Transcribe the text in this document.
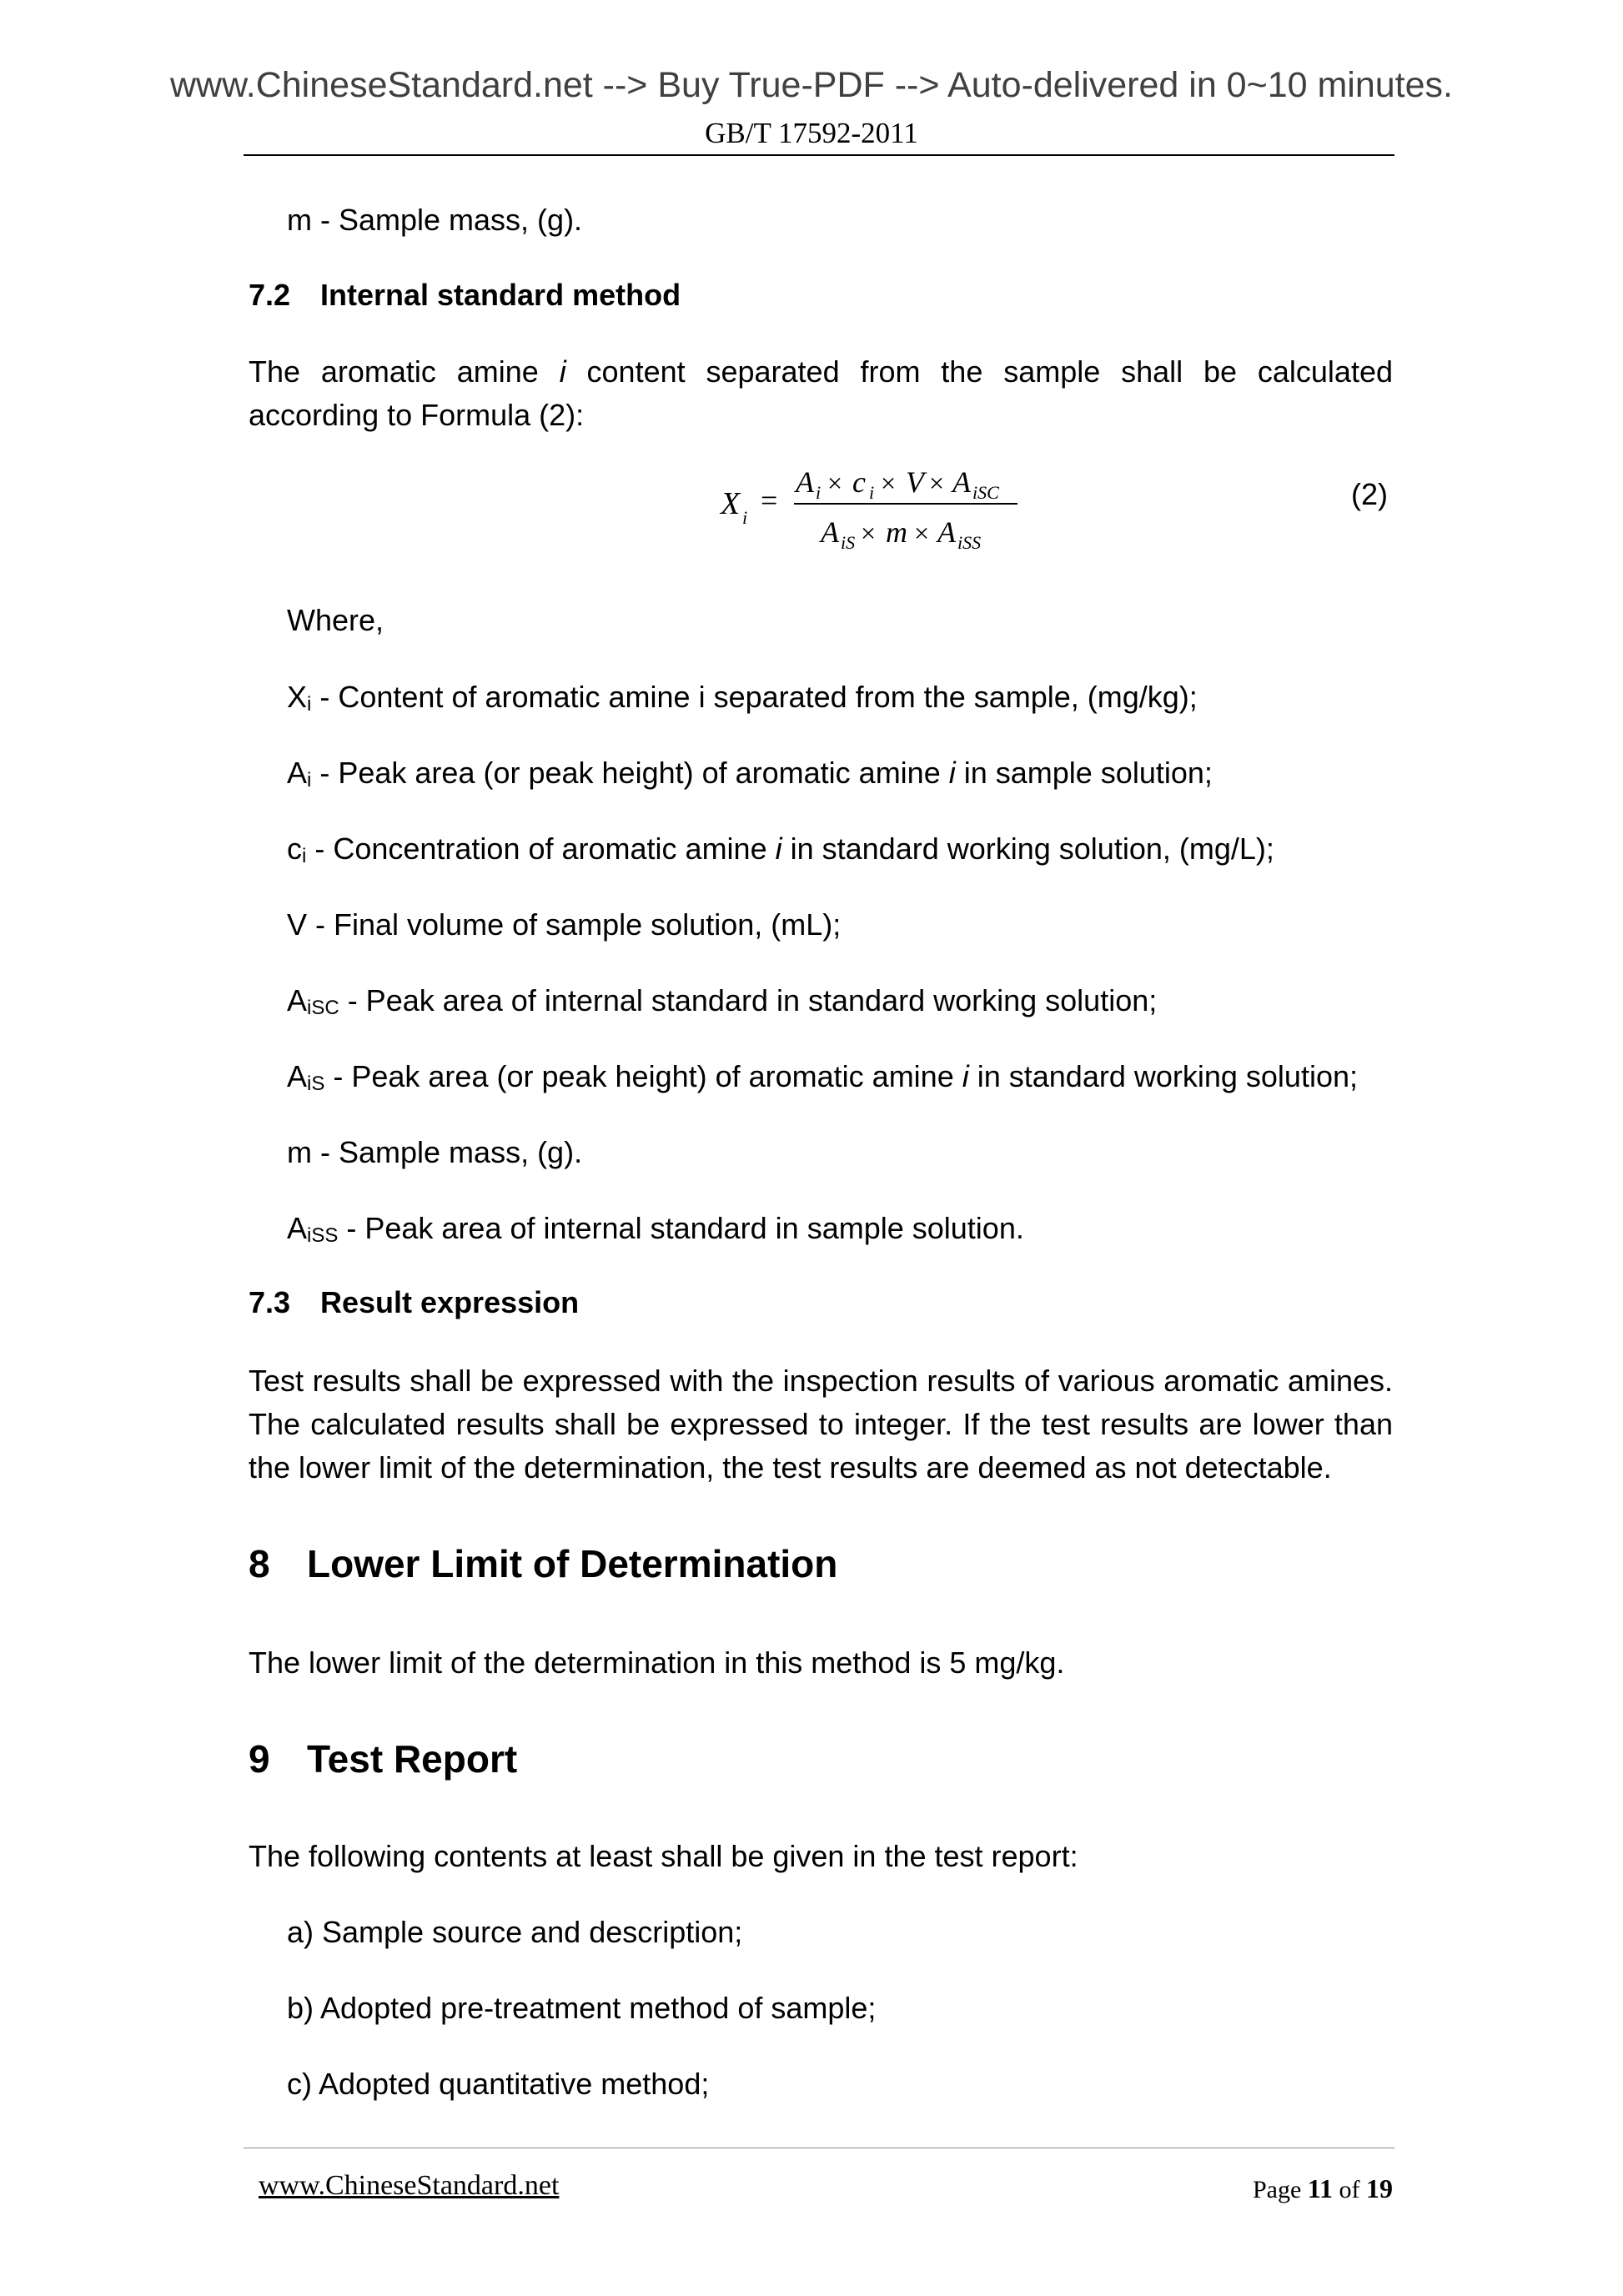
www.ChineseStandard.net --> Buy True-PDF --> Auto-delivered in 0~10 minutes.
GB/T 17592-2011
m - Sample mass, (g).
7.2 Internal standard method
The aromatic amine i content separated from the sample shall be calculated
according to Formula (2):
X i
=
A i × c i × V × A iSC
A iS × m × A iSS
(2)
Where,
Xi - Content of aromatic amine i separated from the sample, (mg/kg);
Ai - Peak area (or peak height) of aromatic amine i in sample solution;
ci - Concentration of aromatic amine i in standard working solution, (mg/L);
V - Final volume of sample solution, (mL);
AiSC - Peak area of internal standard in standard working solution;
AiS - Peak area (or peak height) of aromatic amine i in standard working solution;
m - Sample mass, (g).
AiSS - Peak area of internal standard in sample solution.
7.3 Result expression
Test results shall be expressed with the inspection results of various aromatic amines. The calculated results shall be expressed to integer. If the test results are lower than the lower limit of the determination, the test results are deemed as not detectable.
8 Lower Limit of Determination
The lower limit of the determination in this method is 5 mg/kg.
9 Test Report
The following contents at least shall be given in the test report:
a) Sample source and description;
b) Adopted pre-treatment method of sample;
c) Adopted quantitative method;
www.ChineseStandard.net	Page 11 of 19
